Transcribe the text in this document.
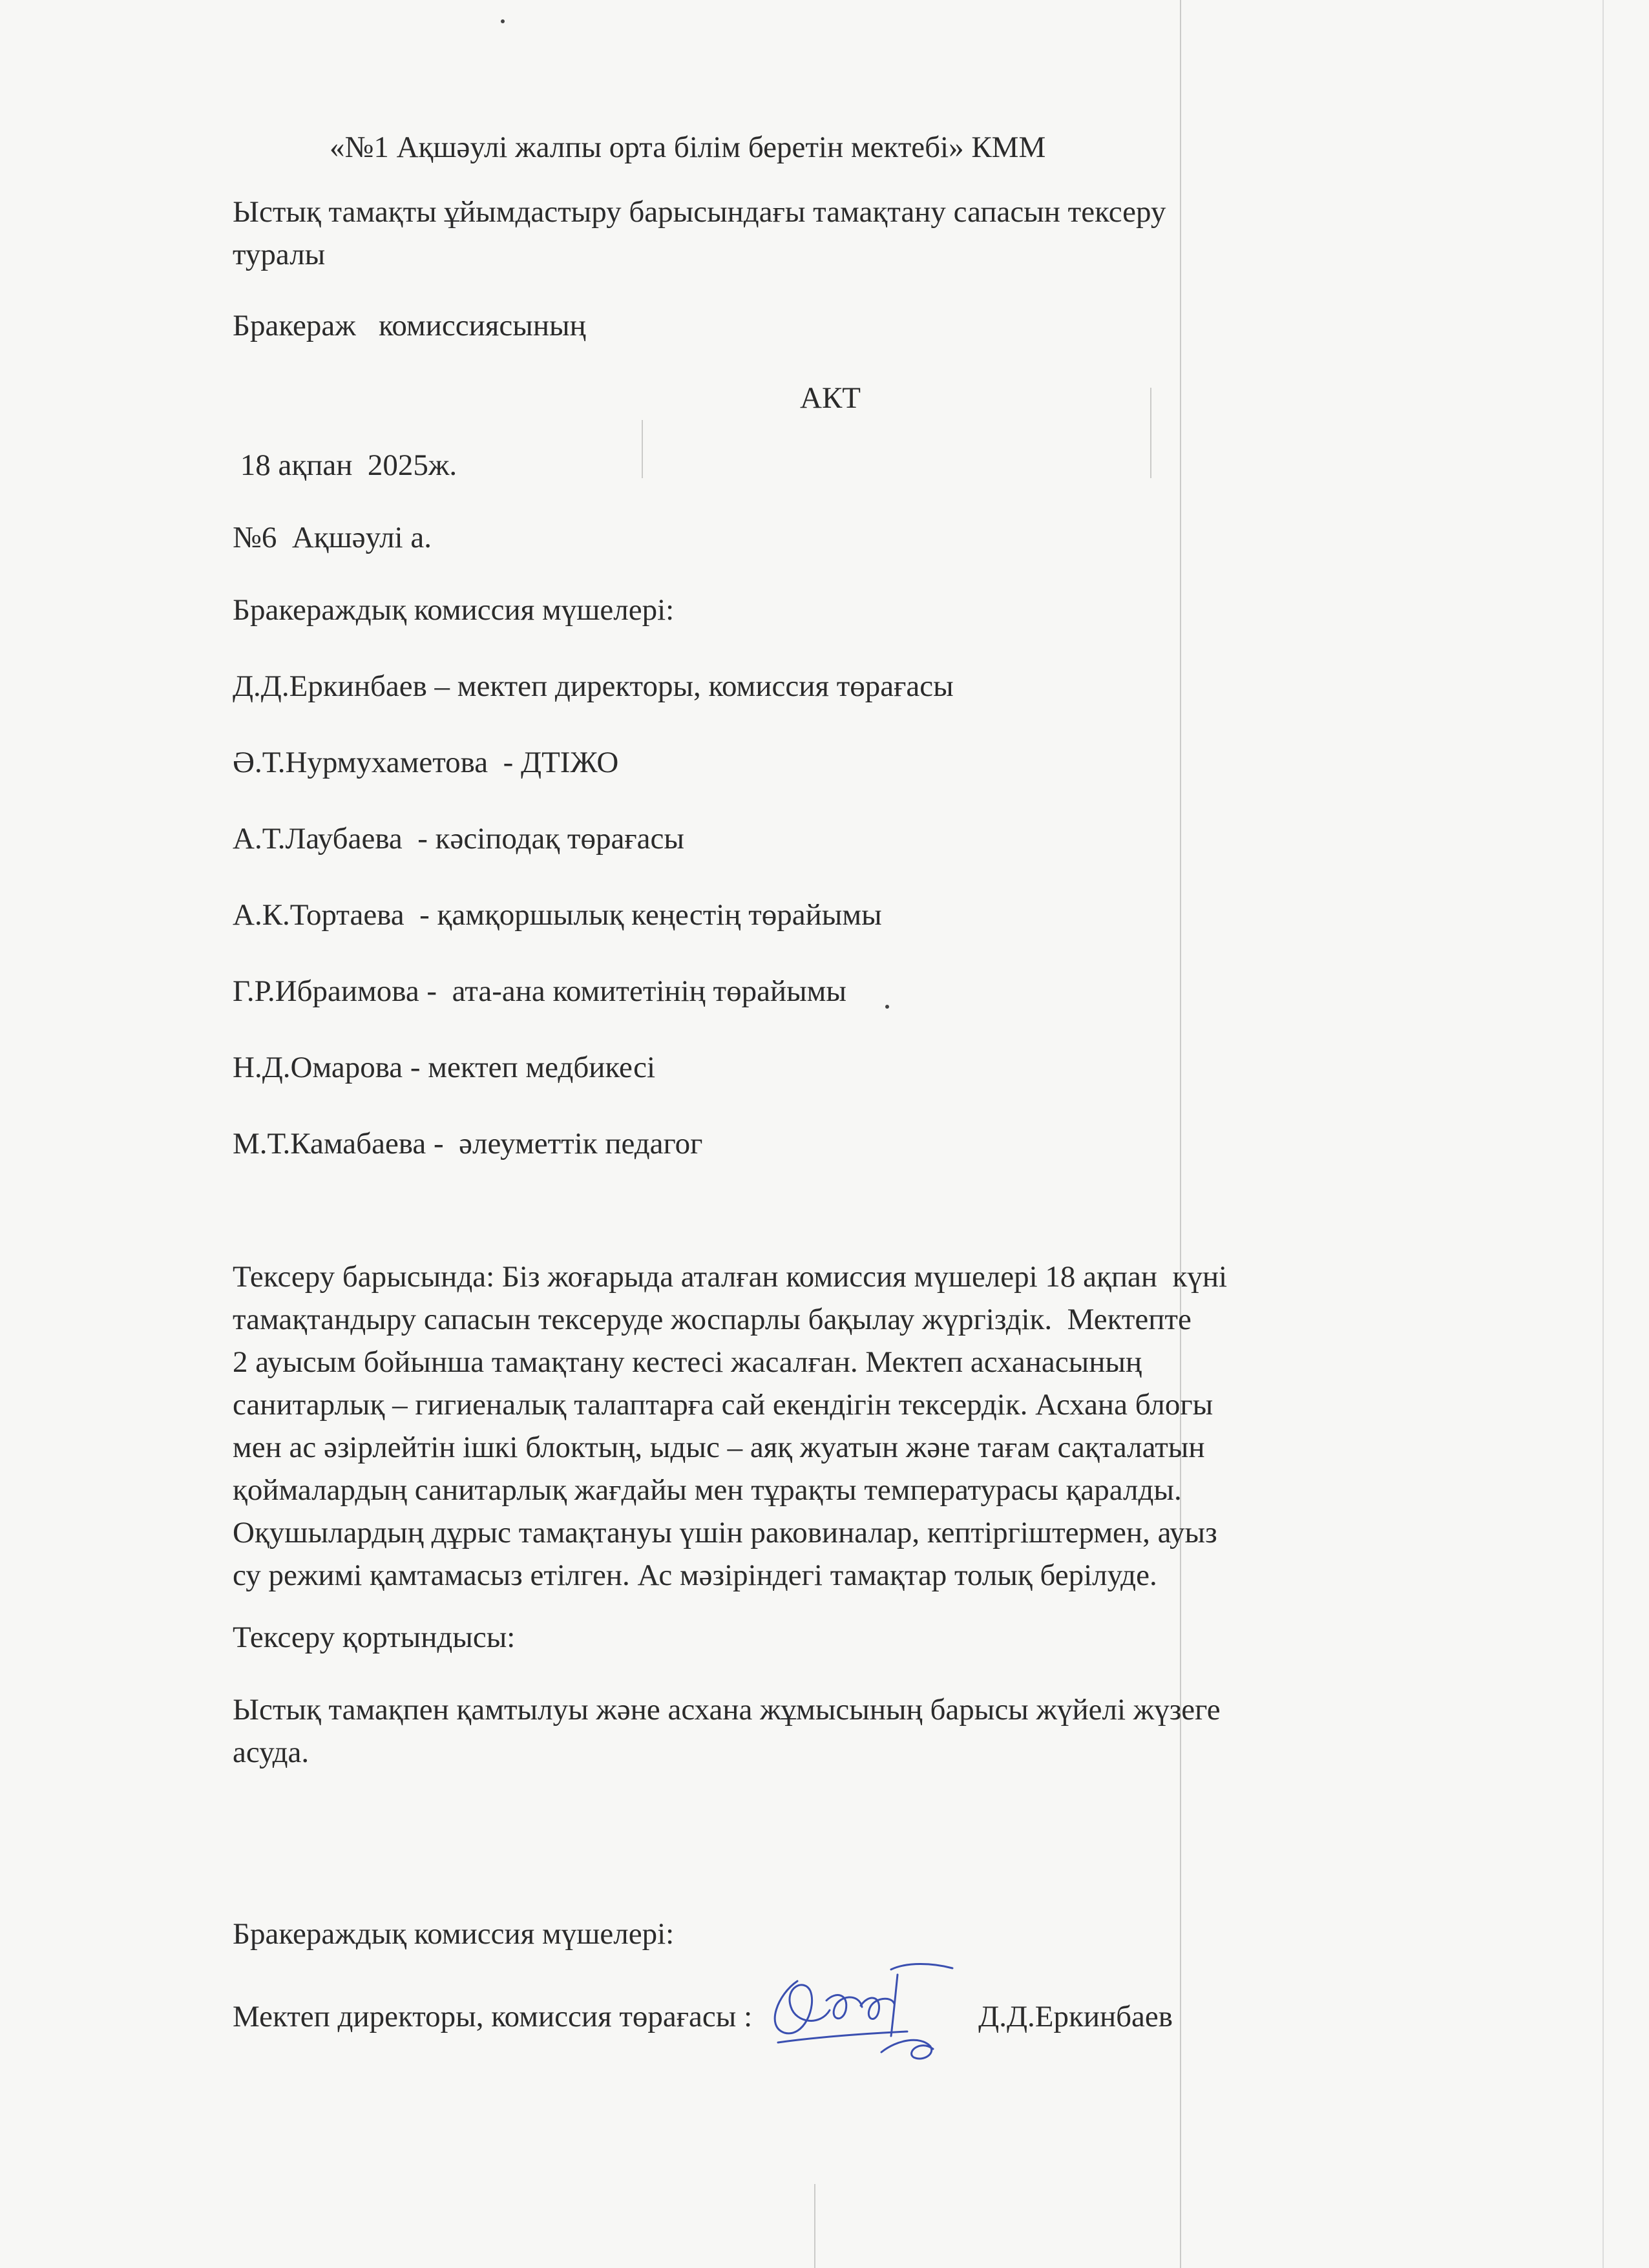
«№1 Ақшәулі жалпы орта білім беретін мектебі» КММ
Ыстық тамақты ұйымдастыру барысындағы тамақтану сапасын тексеру
туралы
Бракераж   комиссиясының
АКТ
18 ақпан  2025ж.
№6  Ақшәулі а.
Бракераждық комиссия мүшелері:
Д.Д.Еркинбаев – мектеп директоры, комиссия төрағасы
Ә.Т.Нурмухаметова  - ДТІЖО
А.Т.Лаубаева  - кәсіподақ төрағасы
А.К.Тортаева  - қамқоршылық кеңестің төрайымы
Г.Р.Ибраимова -  ата-ана комитетінің төрайымы
Н.Д.Омарова - мектеп медбикесі
М.Т.Камабаева -  әлеуметтік педагог
Тексеру барысында: Біз жоғарыда аталған комиссия мүшелері 18 ақпан  күні
тамақтандыру сапасын тексеруде жоспарлы бақылау жүргіздік.  Мектепте
2 ауысым бойынша тамақтану кестесі жасалған. Мектеп асханасының
санитарлық – гигиеналық талаптарға сай екендігін тексердік. Асхана блогы
мен ас әзірлейтін ішкі блоктың, ыдыс – аяқ жуатын және тағам сақталатын
қоймалардың санитарлық жағдайы мен тұрақты температурасы қаралды.
Оқушылардың дұрыс тамақтануы үшін раковиналар, кептіргіштермен, ауыз
су режимі қамтамасыз етілген. Ас мәзіріндегі тамақтар толық берілуде.
Тексеру қортындысы:
Ыстық тамақпен қамтылуы және асхана жұмысының барысы жүйелі жүзеге
асуда.
Бракераждық комиссия мүшелері:
Мектеп директоры, комиссия төрағасы :	Д.Д.Еркинбаев
